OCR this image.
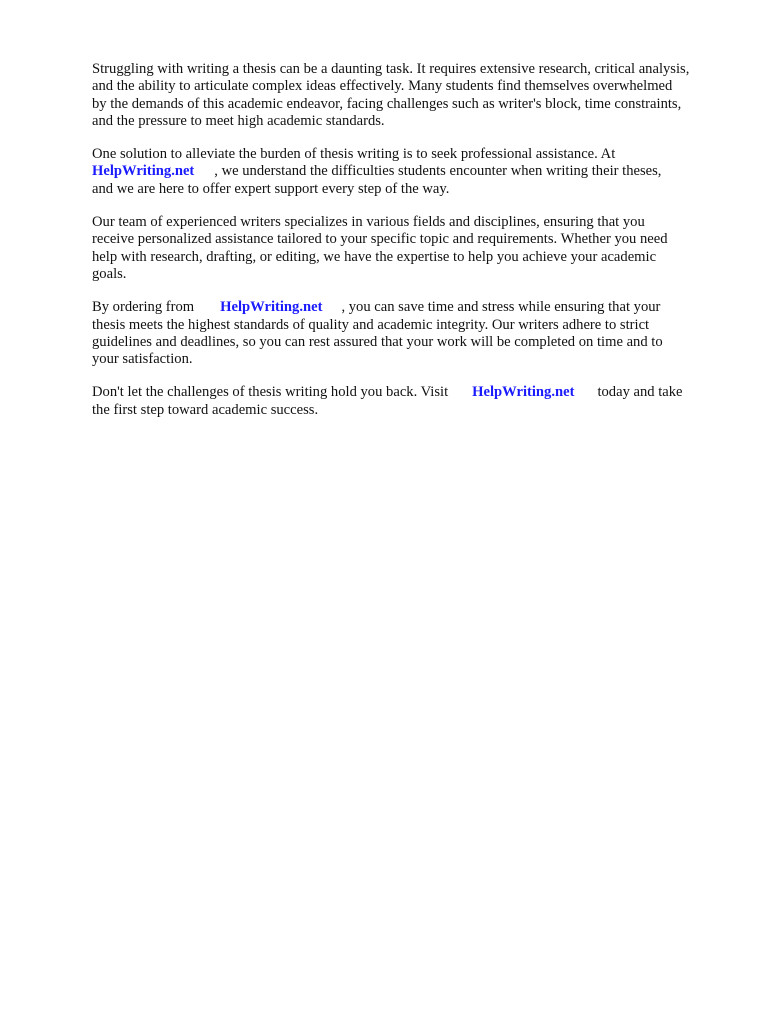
Struggling with writing a thesis can be a daunting task. It requires extensive research, critical analysis,
and the ability to articulate complex ideas effectively. Many students find themselves overwhelmed
by the demands of this academic endeavor, facing challenges such as writer's block, time constraints,
and the pressure to meet high academic standards.

One solution to alleviate the burden of thesis writing is to seek professional assistance. At
HelpWriting.net , we understand the difficulties students encounter when writing their theses,
and we are here to offer expert support every step of the way.

Our team of experienced writers specializes in various fields and disciplines, ensuring that you
receive personalized assistance tailored to your specific topic and requirements. Whether you need
help with research, drafting, or editing, we have the expertise to help you achieve your academic
goals.

By ordering from HelpWriting.net , you can save time and stress while ensuring that your
thesis meets the highest standards of quality and academic integrity. Our writers adhere to strict
guidelines and deadlines, so you can rest assured that your work will be completed on time and to
your satisfaction.

Don't let the challenges of thesis writing hold you back. Visit HelpWriting.net today and take
the first step toward academic success.
